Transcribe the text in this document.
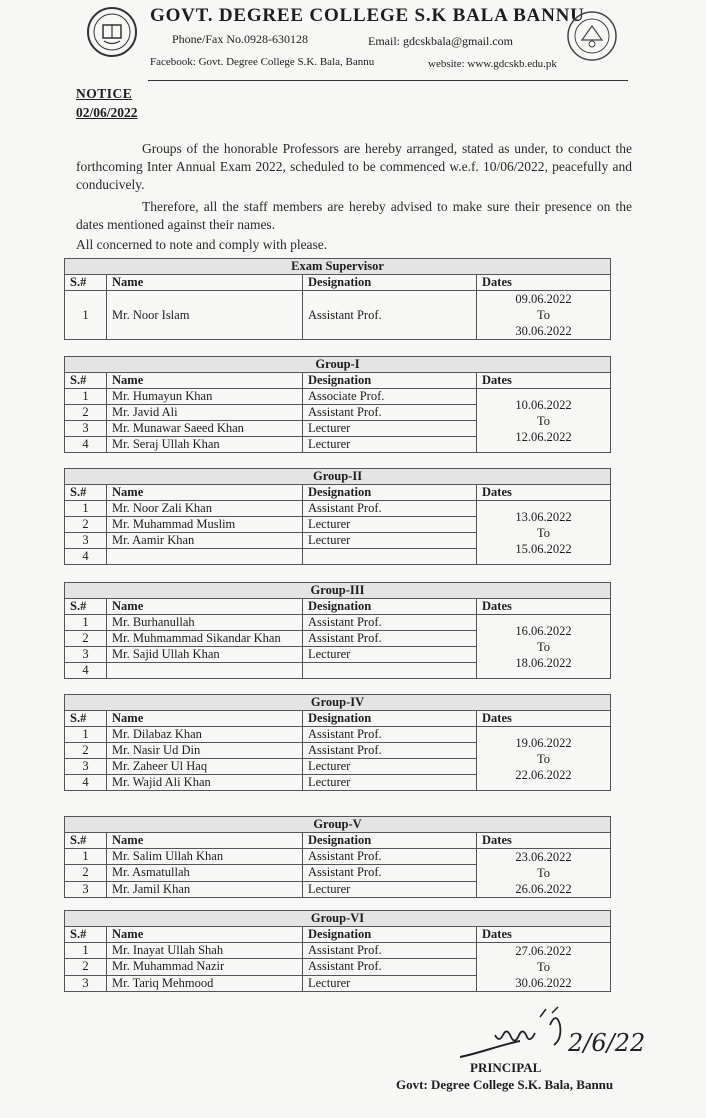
GOVT. DEGREE COLLEGE S.K BALA BANNU
Phone/Fax No.0928-630128	Email: gdcskbala@gmail.com
Facebook: Govt. Degree College S.K. Bala, Bannu	website: www.gdcskb.edu.pk
NOTICE
02/06/2022
Groups of the honorable Professors are hereby arranged, stated as under, to conduct the forthcoming Inter Annual Exam 2022, scheduled to be commenced w.e.f. 10/06/2022, peacefully and conducively.
Therefore, all the staff members are hereby advised to make sure their presence on the dates mentioned against their names.
All concerned to note and comply with please.
Exam Supervisor			
S.#	Name	Designation	Dates
1	Mr. Noor Islam	Assistant Prof.	09.06.2022
To
30.06.2022
Group-I			
S.#	Name	Designation	Dates
1	Mr. Humayun Khan	Associate Prof.	10.06.2022
To
12.06.2022

2	Mr. Javid Ali	Assistant Prof.	
3	Mr. Munawar Saeed Khan	Lecturer	
4	Mr. Seraj Ullah Khan	Lecturer	
Group-II			
S.#	Name	Designation	Dates
1	Mr. Noor Zali Khan	Assistant Prof.	13.06.2022
To
15.06.2022

2	Mr. Muhammad Muslim	Lecturer	
3	Mr. Aamir Khan	Lecturer	
4			
Group-III			
S.#	Name	Designation	Dates
1	Mr. Burhanullah	Assistant Prof.	16.06.2022
To
18.06.2022

2	Mr. Muhmammad Sikandar Khan	Assistant Prof.	
3	Mr. Sajid Ullah Khan	Lecturer	
4			
Group-IV			
S.#	Name	Designation	Dates
1	Mr. Dilabaz Khan	Assistant Prof.	19.06.2022
To
22.06.2022

2	Mr. Nasir Ud Din	Assistant Prof.	
3	Mr. Zaheer Ul Haq	Lecturer	
4	Mr. Wajid Ali Khan	Lecturer	
Group-V			
S.#	Name	Designation	Dates
1	Mr. Salim Ullah Khan	Assistant Prof.	23.06.2022
To
26.06.2022

2	Mr. Asmatullah	Assistant Prof.	
3	Mr. Jamil Khan	Lecturer	
Group-VI			
S.#	Name	Designation	Dates
1	Mr. Inayat Ullah Shah	Assistant Prof.	27.06.2022
To
30.06.2022

2	Mr. Muhammad Nazir	Assistant Prof.	
3	Mr. Tariq Mehmood	Lecturer	
2/6/22
PRINCIPAL
Govt: Degree College S.K. Bala, Bannu
